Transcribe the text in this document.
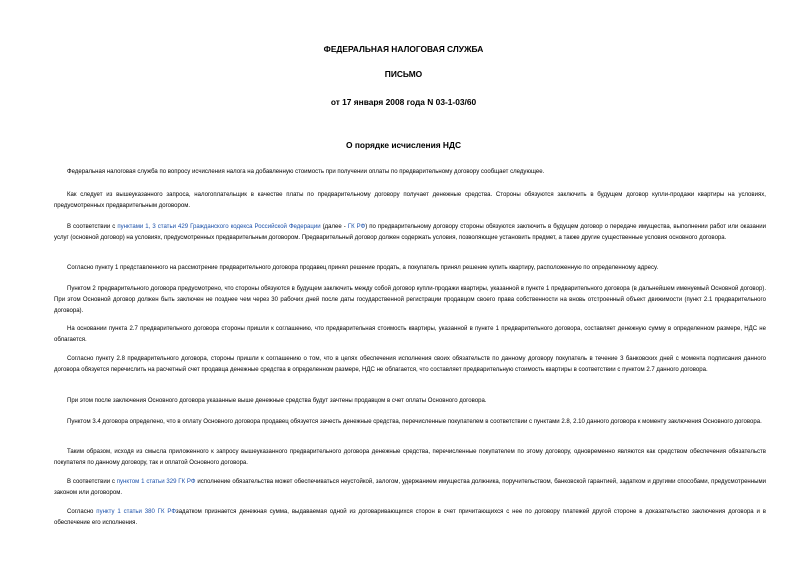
ФЕДЕРАЛЬНАЯ НАЛОГОВАЯ СЛУЖБА
ПИСЬМО
от 17 января 2008 года N 03-1-03/60
О порядке исчисления НДС
Федеральная налоговая служба по вопросу исчисления налога на добавленную стоимость при получении оплаты по предварительному договору сообщает следующее.
Как следует из вышеуказанного запроса, налогоплательщик в качестве платы по предварительному договору получает денежные средства. Стороны обязуются заключить в будущем договор купли-продажи квартиры на условиях, предусмотренных предварительным договором.
В соответствии с пунктами 1, 3 статьи 429 Гражданского кодекса Российской Федерации (далее - ГК РФ) по предварительному договору стороны обязуются заключить в будущем договор о передаче имущества, выполнении работ или оказании услуг (основной договор) на условиях, предусмотренных предварительным договором. Предварительный договор должен содержать условия, позволяющие установить предмет, а также другие существенные условия основного договора.
Согласно пункту 1 представленного на рассмотрение предварительного договора продавец принял решение продать, а покупатель принял решение купить квартиру, расположенную по определенному адресу.
Пунктом 2 предварительного договора предусмотрено, что стороны обязуются в будущем заключить между собой договор купли-продажи квартиры, указанной в пункте 1 предварительного договора (в дальнейшем именуемый Основной договор). При этом Основной договор должен быть заключен не позднее чем через 30 рабочих дней после даты государственной регистрации продавцом своего права собственности на вновь отстроенный объект движимости (пункт 2.1 предварительного договора).
На основании пункта 2.7 предварительного договора стороны пришли к соглашению, что предварительная стоимость квартиры, указанной в пункте 1 предварительного договора, составляет денежную сумму в определенном размере, НДС не облагается.
Согласно пункту 2.8 предварительного договора, стороны пришли к соглашению о том, что в целях обеспечения исполнения своих обязательств по данному договору покупатель в течение 3 банковских дней с момента подписания данного договора обязуется перечислить на расчетный счет продавца денежные средства в определенном размере, НДС не облагается, что составляет предварительную стоимость квартиры в соответствии с пунктом 2.7 данного договора.
При этом после заключения Основного договора указанные выше денежные средства будут зачтены продавцом в счет оплаты Основного договора.
Пунктом 3.4 договора определено, что в оплату Основного договора продавец обязуется зачесть денежные средства, перечисленные покупателем в соответствии с пунктами 2.8, 2.10 данного договора к моменту заключения Основного договора.
Таким образом, исходя из смысла приложенного к запросу вышеуказанного предварительного договора денежные средства, перечисленные покупателем по этому договору, одновременно являются как средством обеспечения обязательств покупателя по данному договору, так и оплатой Основного договора.
В соответствии с пунктом 1 статьи 329 ГК РФ исполнение обязательства может обеспечиваться неустойкой, залогом, удержанием имущества должника, поручительством, банковской гарантией, задатком и другими способами, предусмотренными законом или договором.
Согласно пункту 1 статьи 380 ГК РФзадатком признается денежная сумма, выдаваемая одной из договаривающихся сторон в счет причитающихся с нее по договору платежей другой стороне в доказательство заключения договора и в обеспечение его исполнения.
